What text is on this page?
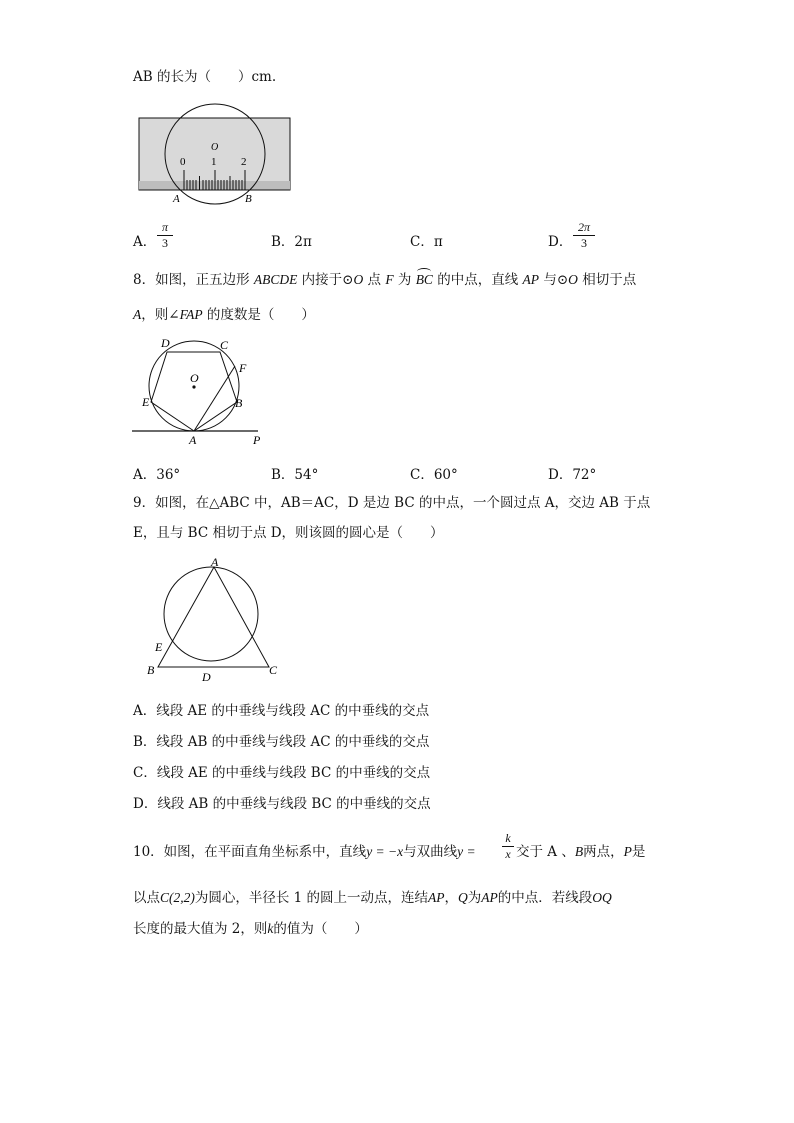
AB 的长为（　　）cm.
O
0 1 2
A	B
A． $\frac{\pi}{3}$	B．2π	C．π	D． $\frac{2\pi}{3}$
8．如图，正五边形 ABCDE 内接于⊙O 点 F 为
BC 的中点，直线 AP 与⊙O 相切于点
A，则∠FAP 的度数是（　　）
D	C
F
O
E	B
A	P
A．36°	B．54°	C．60°	D．72°
9．如图，在△ABC 中，AB＝AC，D 是边 BC 的中点，一个圆过点 A，交边 AB 于点
E，且与 BC 相切于点 D，则该圆的圆心是（　　）
A
E
B	D	C
A．线段 AE 的中垂线与线段 AC 的中垂线的交点
B．线段 AB 的中垂线与线段 AC 的中垂线的交点
C．线段 AE 的中垂线与线段 BC 的中垂线的交点
D．线段 AB 的中垂线与线段 BC 的中垂线的交点
10．如图，在平面直角坐标系中，直线y = −x与双曲线$y = \frac{k}{x}$ 交于 A 、B两点，P是
以点C(2,2)为圆心，半径长 1 的圆上一动点，连结AP，Q为AP的中点．若线段OQ
长度的最大值为 2，则k的值为（　　）
